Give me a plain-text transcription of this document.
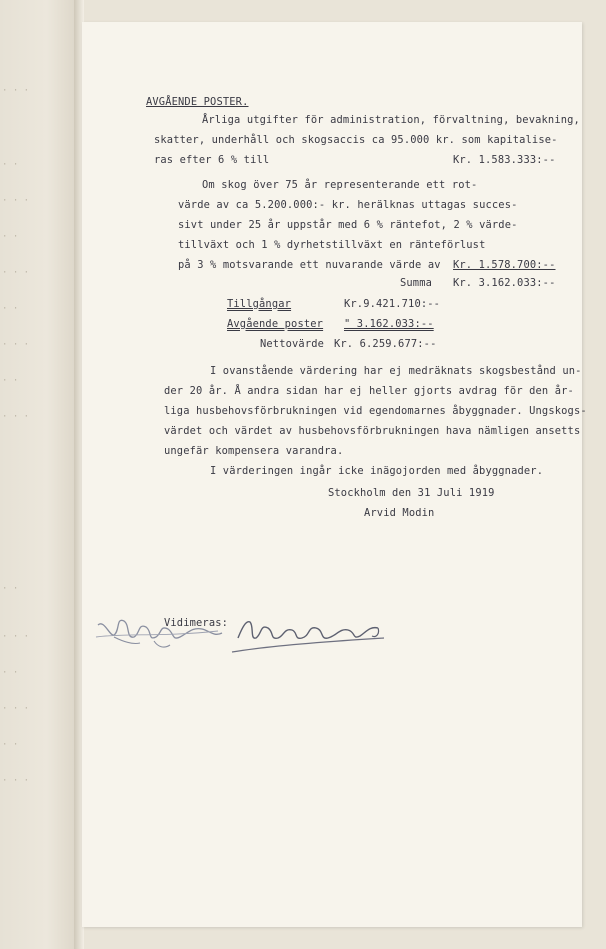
· · ·
· ·
· · ·
· ·
· · ·
· ·
· · ·
· ·
· · ·
· ·
· · ·
· ·
· · ·
· ·
· · ·
AVGÅENDE POSTER.
Årliga utgifter för administration, förvaltning, bevakning,
skatter, underhåll och skogsaccis ca 95.000 kr. som kapitalise-
ras efter 6 % till	Kr. 1.583.333:--
Om skog över 75 år representerande ett rot-
värde av ca 5.200.000:- kr. herälknas uttagas succes-
sivt under 25 år uppstår med 6 % räntefot, 2 % värde-
tillväxt och 1 % dyrhetstillväxt en ränteförlust
på 3 % motsvarande ett nuvarande värde av Kr. 1.578.700:--
Summa Kr. 3.162.033:--
Tillgångar	Kr.9.421.710:--
Avgående poster " 3.162.033:--
Nettovärde Kr. 6.259.677:--
I ovanstående värdering har ej medräknats skogsbestånd un-
der 20 år. Å andra sidan har ej heller gjorts avdrag för den år-
liga husbehovsförbrukningen vid egendomarnes åbyggnader. Ungskogs-
värdet och värdet av husbehovsförbrukningen hava nämligen ansetts
ungefär kompensera varandra.
I värderingen ingår icke inägojorden med åbyggnader.
Stockholm den 31 Juli 1919
Arvid Modin
Vidimeras:
